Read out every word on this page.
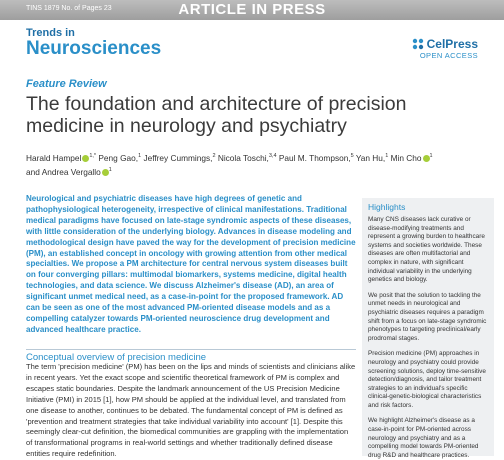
TINS 1879 No. of Pages 23	ARTICLE IN PRESS
Trends in
Neurosciences	CelPress
OPEN ACCESS
Feature Review
The foundation and architecture of precision medicine in neurology and psychiatry
Harald Hampel $^{1,*}$ Peng Gao,$^1$ Jeffrey Cummings,$^2$ Nicola Toschi,$^{3,4}$ Paul M. Thompson,$^5$ Yan Hu,$^1$ Min Cho $^1$ and Andrea Vergallo $^1$
Neurological and psychiatric diseases have high degrees of genetic and pathophysiological heterogeneity, irrespective of clinical manifestations. Traditional medical paradigms have focused on late-stage syndromic aspects of these diseases, with little consideration of the underlying biology. Advances in disease modeling and methodological design have paved the way for the development of precision medicine (PM), an established concept in oncology with growing attention from other medical specialties. We propose a PM architecture for central nervous system diseases built on four converging pillars: multimodal biomarkers, systems medicine, digital health technologies, and data science. We discuss Alzheimer's disease (AD), an area of significant unmet medical need, as a case-in-point for the proposed framework. AD can be seen as one of the most advanced PM-oriented disease models and as a compelling catalyzer towards PM-oriented neuroscience drug development and advanced healthcare practice.
Conceptual overview of precision medicine
The term 'precision medicine' (PM) has been on the lips and minds of scientists and clinicians alike in recent years. Yet the exact scope and scientific theoretical framework of PM is complex and escapes static boundaries. Despite the landmark announcement of the US Precision Medicine Initiative (PMI) in 2015 [1], how PM should be applied at the individual level, and translated from one disease to another, continues to be debated. The fundamental concept of PM is defined as 'prevention and treatment strategies that take individual variability into account' [1]. Despite this seemingly clear-cut definition, the biomedical communities are grappling with the implementation of transformational programs in real-world settings and whether traditionally defined disease entities require redefinition.
Highlights

Many CNS diseases lack curative or disease-modifying treatments and represent a growing burden to healthcare systems and societies worldwide. These diseases are often multifactorial and complex in nature, with significant individual variability in the underlying genetics and biology.

We posit that the solution to tackling the unmet needs in neurological and psychiatric diseases requires a paradigm shift from a focus on late-stage syndromic phenotypes to targeting preclinical/early prodromal stages.

Precision medicine (PM) approaches in neurology and psychiatry could provide screening solutions, deploy time-sensitive detection/diagnosis, and tailor treatment strategies to an individual's specific clinical-genetic-biological characteristics and risk factors.

We highlight Alzheimer's disease as a case-in-point for PM-oriented across neurology and psychiatry and as a compelling model towards PM-oriented drug R&D and healthcare practices.
